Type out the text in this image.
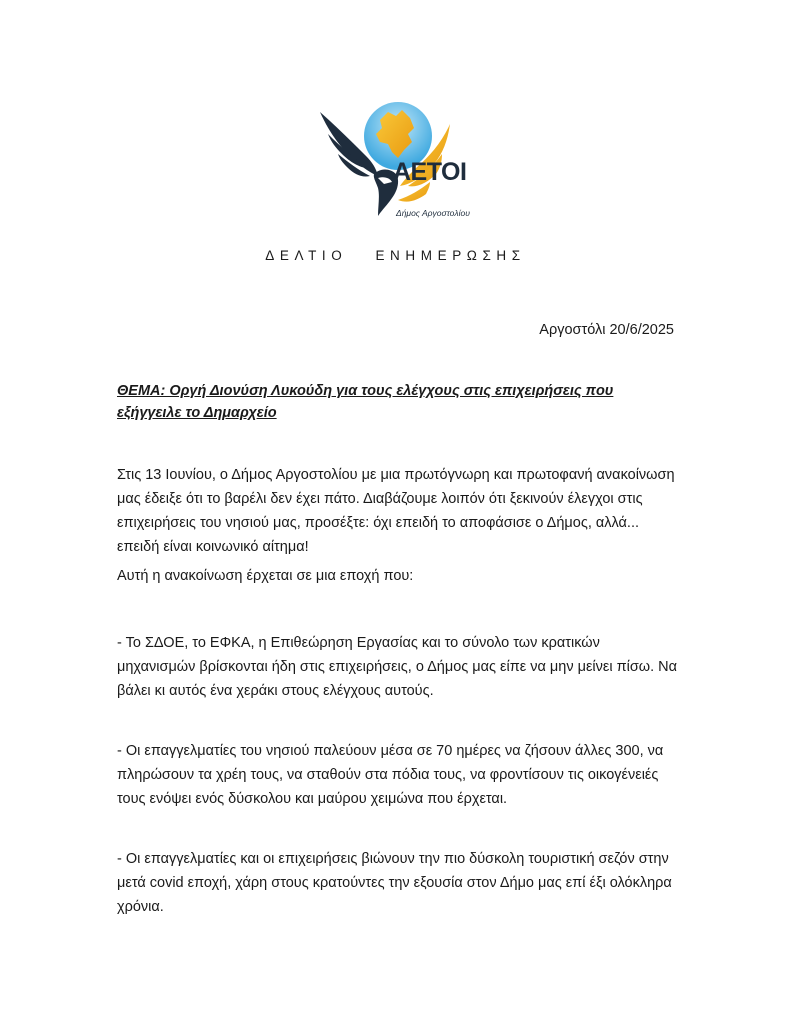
ΑΕΤΟΙ
Δήμος Αργοστολίου
ΔΕΛΤΙΟ   ΕΝΗΜΕΡΩΣΗΣ
Αργοστόλι 20/6/2025
ΘΕΜΑ: Οργή Διονύση Λυκούδη για τους ελέγχους στις επιχειρήσεις που εξήγγειλε το Δημαρχείο

Στις 13 Ιουνίου, ο Δήμος Αργοστολίου με μια πρωτόγνωρη και πρωτοφανή ανακοίνωση μας έδειξε ότι το βαρέλι δεν έχει πάτο. Διαβάζουμε λοιπόν ότι ξεκινούν έλεγχοι στις επιχειρήσεις του νησιού μας, προσέξτε: όχι επειδή το αποφάσισε ο Δήμος, αλλά... επειδή είναι κοινωνικό αίτημα!

Αυτή η ανακοίνωση έρχεται σε μια εποχή που:

- Το ΣΔΟΕ, το ΕΦΚΑ, η Επιθεώρηση Εργασίας και το σύνολο των κρατικών μηχανισμών βρίσκονται ήδη στις επιχειρήσεις, ο Δήμος μας είπε να μην μείνει πίσω. Να βάλει κι αυτός ένα χεράκι στους ελέγχους αυτούς.

- Οι επαγγελματίες του νησιού παλεύουν μέσα σε 70 ημέρες να ζήσουν άλλες 300, να πληρώσουν τα χρέη τους, να σταθούν στα πόδια τους, να φροντίσουν τις οικογένειές τους ενόψει ενός δύσκολου και μαύρου χειμώνα που έρχεται.

- Οι επαγγελματίες και οι επιχειρήσεις βιώνουν την πιο δύσκολη τουριστική σεζόν στην μετά covid εποχή, χάρη στους κρατούντες την εξουσία στον Δήμο μας επί έξι ολόκληρα χρόνια.
